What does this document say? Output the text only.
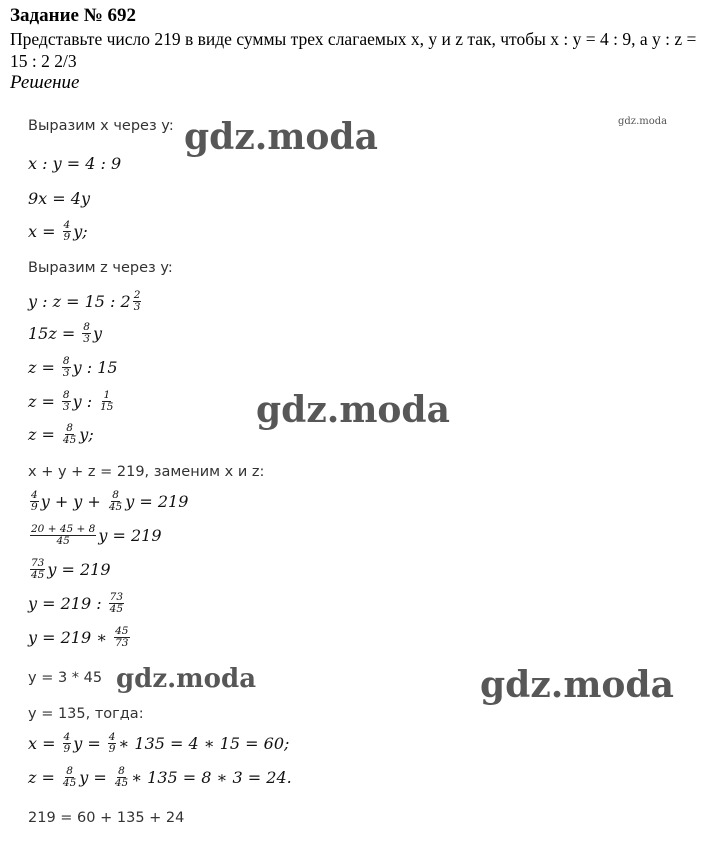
Задание № 692
Представьте число 219 в виде суммы трех слагаемых x, y и z так, чтобы x : y = 4 : 9, а y : z = 15 : 2 2/3
Решение
Выразим x через y:
x : y = 4 : 9
9x = 4y
$x = \frac{4}{9} y$;
Выразим z через y:
y : z = 15 : $2 \frac{2}{3}$
$15z = \frac{8}{3}$ y
$z = \frac{8}{3}$ y : 15
$z = \frac{8}{3}$ y : $\frac{1}{15}$
$z = \frac{8}{45} y$;
x + y + z = 219, заменим x и z:
$\frac{4}{9}$ $y + y + \frac{8}{45}$ y = 219
$\frac{20 + 45 + 8}{45}$ y = 219
$\frac{73}{45}$ y = 219
y = 219 : $\frac{73}{45}$
y = 219 ∗ $\frac{45}{73}$
y = 3 * 45
y = 135, тогда:
$x = \frac{4}{9}$ $y = \frac{4}{9}$ ∗ 135 = 4 ∗ 15 = 60;
$z = \frac{8}{45}$ $y = \frac{8}{45}$ ∗ 135 = 8 ∗ 3 = 24.
219 = 60 + 135 + 24
gdz.moda	gdz.moda
gdz.moda
gdz.moda	gdz.moda
